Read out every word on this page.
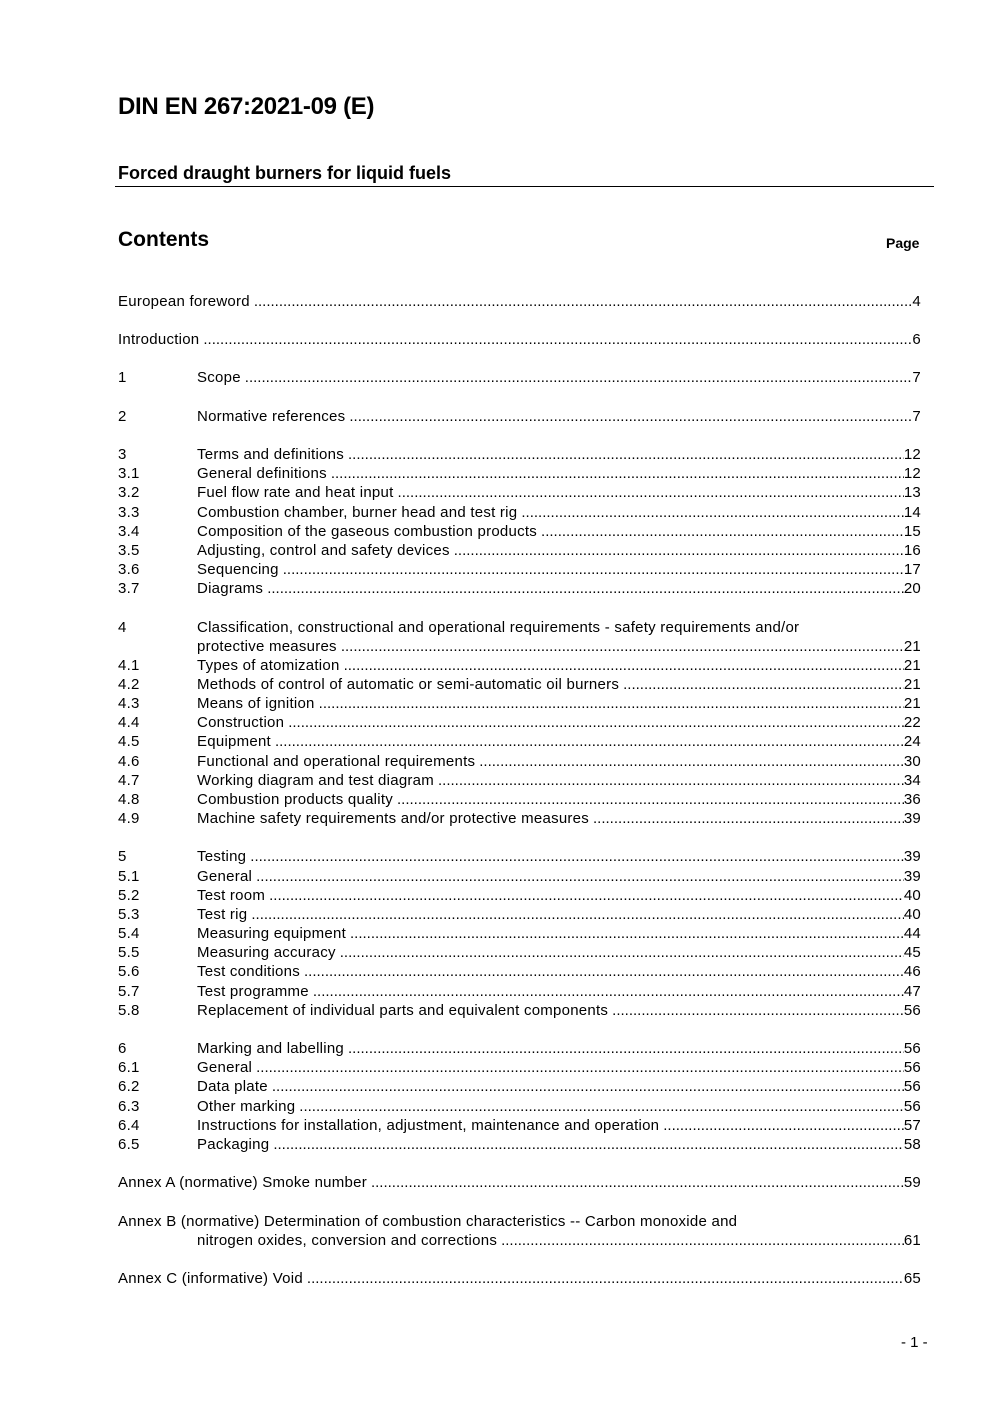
DIN EN 267:2021-09 (E)
Forced draught burners for liquid fuels
Contents	Page
European foreword .....	4
Introduction .....	6
1	Scope .....	7
2	Normative references .....	7
3	Terms and definitions .....	12
3.1	General definitions .....	12
3.2	Fuel flow rate and heat input .....	13
3.3	Combustion chamber, burner head and test rig .....	14
3.4	Composition of the gaseous combustion products .....	15
3.5	Adjusting, control and safety devices .....	16
3.6	Sequencing .....	17
3.7	Diagrams .....	20
4	Classification, constructional and operational requirements - safety requirements and/or
protective measures .....	21
4.1	Types of atomization .....	21
4.2	Methods of control of automatic or semi-automatic oil burners .....	21
4.3	Means of ignition .....	21
4.4	Construction .....	22
4.5	Equipment .....	24
4.6	Functional and operational requirements .....	30
4.7	Working diagram and test diagram .....	34
4.8	Combustion products quality .....	36
4.9	Machine safety requirements and/or protective measures .....	39
5	Testing .....	39
5.1	General .....	39
5.2	Test room .....	40
5.3	Test rig .....	40
5.4	Measuring equipment .....	44
5.5	Measuring accuracy .....	45
5.6	Test conditions .....	46
5.7	Test programme .....	47
5.8	Replacement of individual parts and equivalent components .....	56
6	Marking and labelling .....	56
6.1	General .....	56
6.2	Data plate .....	56
6.3	Other marking .....	56
6.4	Instructions for installation, adjustment, maintenance and operation .....	57
6.5	Packaging .....	58
Annex A (normative) Smoke number .....	59
Annex B (normative) Determination of combustion characteristics -- Carbon monoxide and
nitrogen oxides, conversion and corrections .....	61
Annex C (informative) Void .....	65
- 1 -
